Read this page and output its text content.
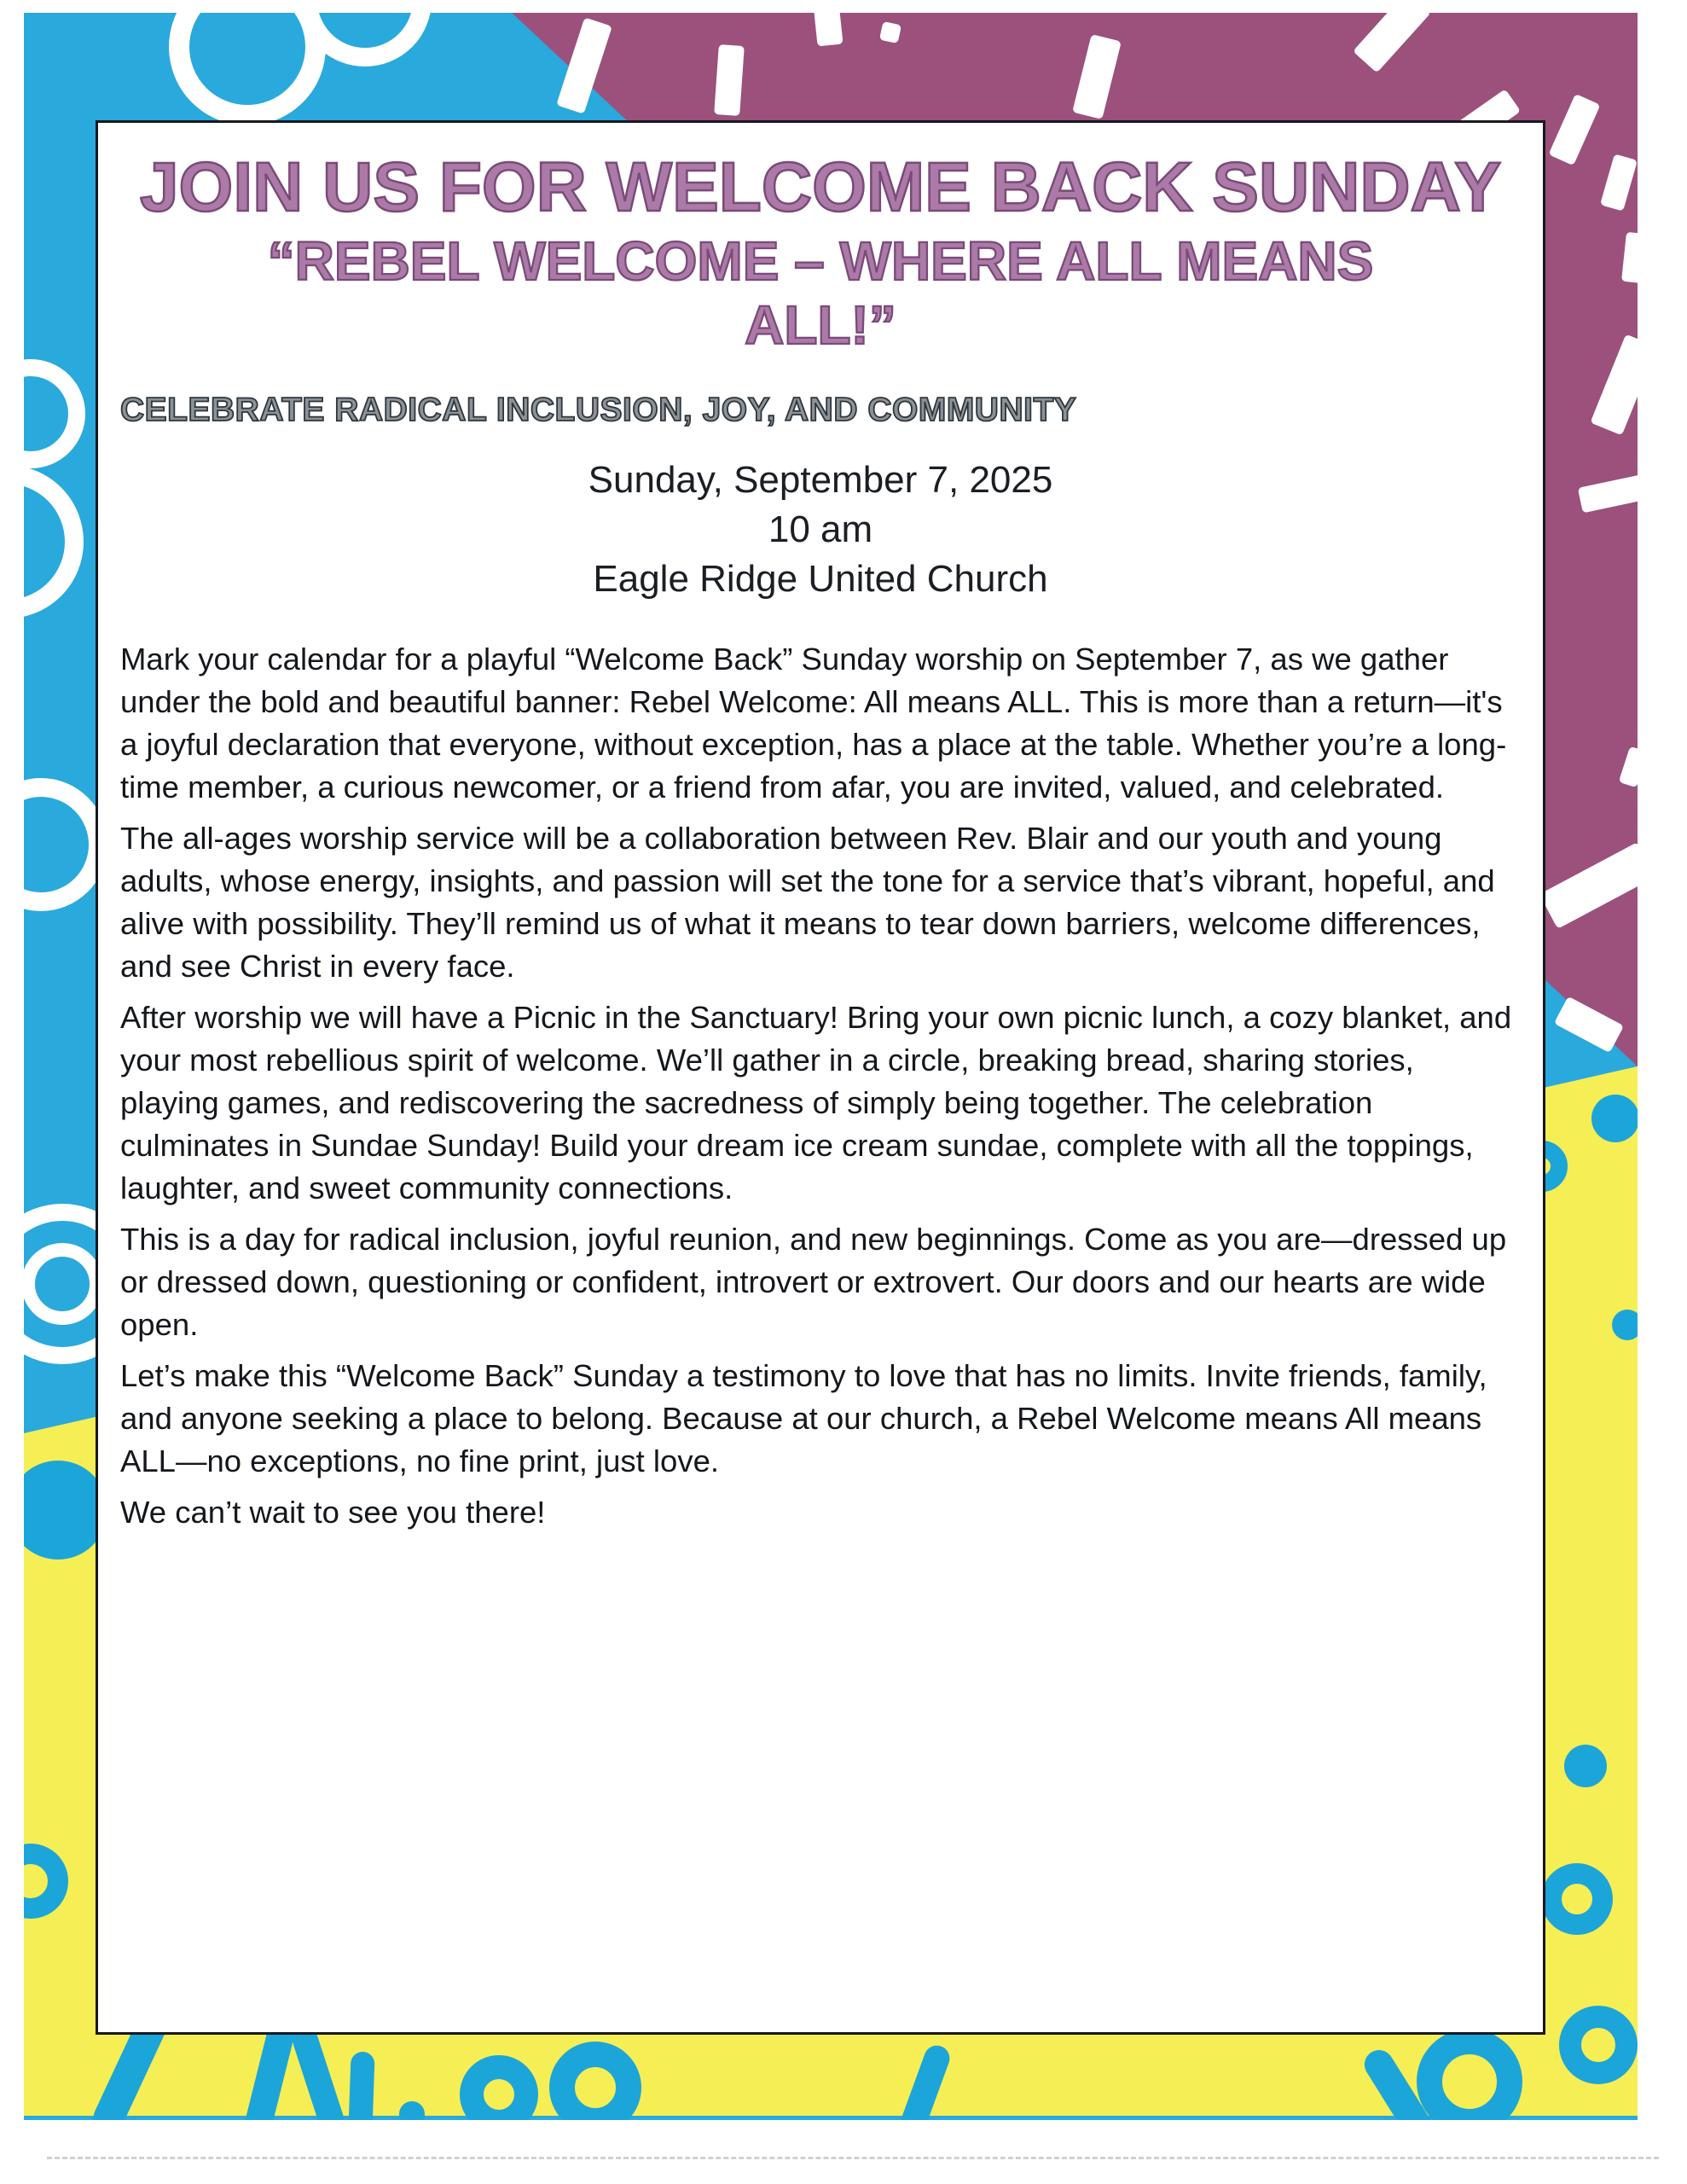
JOIN US FOR WELCOME BACK SUNDAY
“REBEL WELCOME – WHERE ALL MEANS
ALL!”
CELEBRATE RADICAL INCLUSION, JOY, AND COMMUNITY
Sunday, September 7, 2025
10 am
Eagle Ridge United Church

Mark your calendar for a playful “Welcome Back” Sunday worship on September 7, as we gather under the bold and beautiful banner: Rebel Welcome: All means ALL. This is more than a return—it's a joyful declaration that everyone, without exception, has a place at the table. Whether you’re a long-time member, a curious newcomer, or a friend from afar, you are invited, valued, and celebrated.

The all-ages worship service will be a collaboration between Rev. Blair and our youth and young adults, whose energy, insights, and passion will set the tone for a service that’s vibrant, hopeful, and alive with possibility. They’ll remind us of what it means to tear down barriers, welcome differences, and see Christ in every face.

After worship we will have a Picnic in the Sanctuary! Bring your own picnic lunch, a cozy blanket, and your most rebellious spirit of welcome. We’ll gather in a circle, breaking bread, sharing stories, playing games, and rediscovering the sacredness of simply being together. The celebration culminates in Sundae Sunday! Build your dream ice cream sundae, complete with all the toppings, laughter, and sweet community connections.

This is a day for radical inclusion, joyful reunion, and new beginnings. Come as you are—dressed up or dressed down, questioning or confident, introvert or extrovert. Our doors and our hearts are wide open.

Let’s make this “Welcome Back” Sunday a testimony to love that has no limits. Invite friends, family, and anyone seeking a place to belong. Because at our church, a Rebel Welcome means All means ALL—no exceptions, no fine print, just love.

We can’t wait to see you there!
